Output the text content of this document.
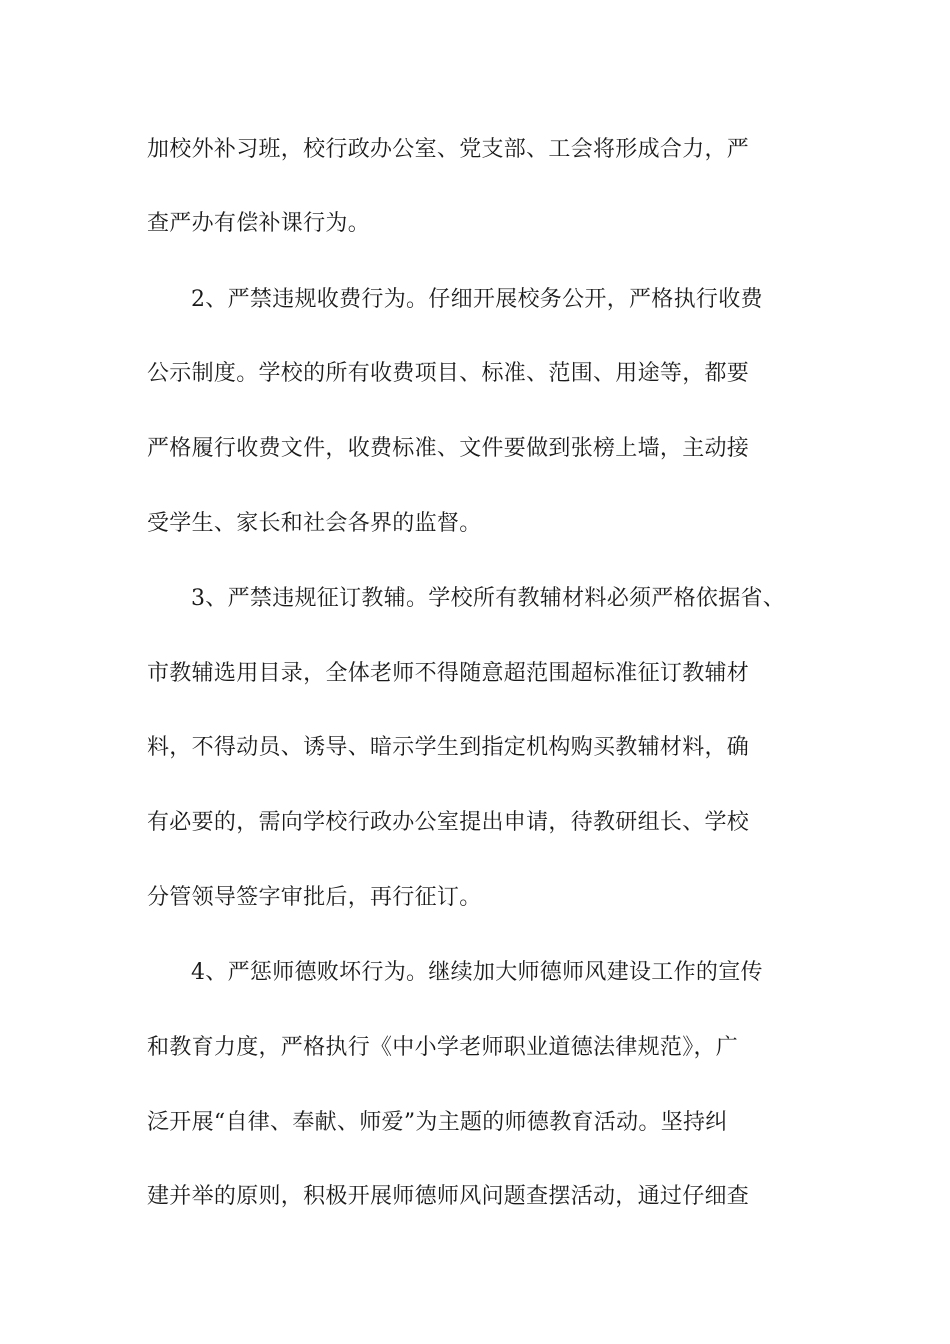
加校外补习班，校行政办公室、党支部、工会将形成合力，严
查严办有偿补课行为。
2、严禁违规收费行为。仔细开展校务公开，严格执行收费
公示制度。学校的所有收费项目、标准、范围、用途等，都要
严格履行收费文件，收费标准、文件要做到张榜上墙，主动接
受学生、家长和社会各界的监督。
3、严禁违规征订教辅。学校所有教辅材料必须严格依据省、
市教辅选用目录，全体老师不得随意超范围超标准征订教辅材
料，不得动员、诱导、暗示学生到指定机构购买教辅材料，确
有必要的，需向学校行政办公室提出申请，待教研组长、学校
分管领导签字审批后，再行征订。
4、严惩师德败坏行为。继续加大师德师风建设工作的宣传
和教育力度，严格执行《中小学老师职业道德法律规范》，广
泛开展“自律、奉献、师爱”为主题的师德教育活动。坚持纠
建并举的原则，积极开展师德师风问题查摆活动，通过仔细查
